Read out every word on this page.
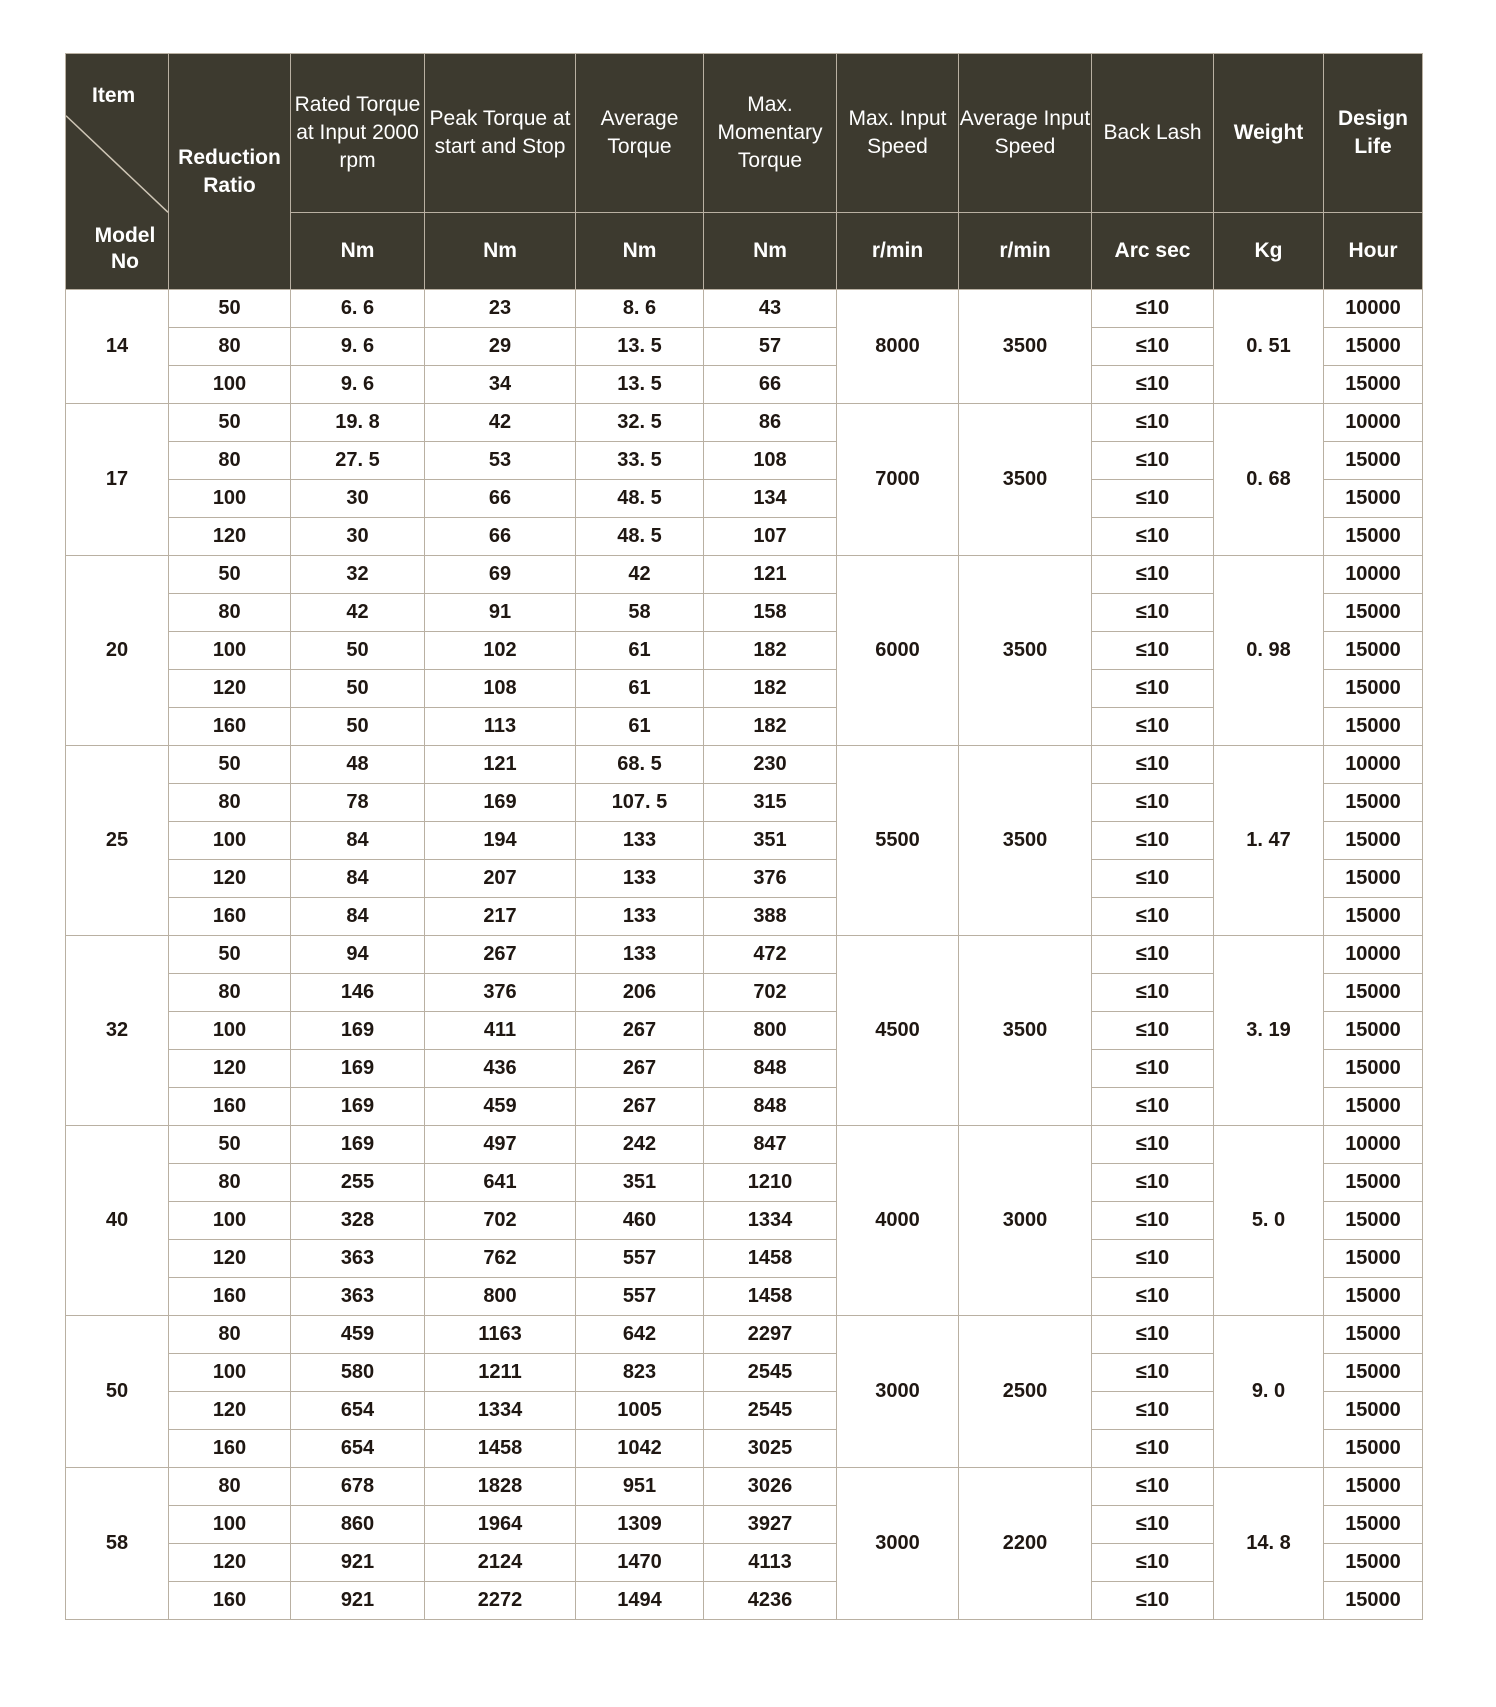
Item
Model No	Reduction Ratio	Rated Torque at Input 2000 rpm	Peak Torque at start and Stop	Average Torque	Max. Momentary Torque	Max. Input Speed	Average Input Speed	Back Lash	Weight	Design Life
		Nm	Nm	Nm	Nm	r/min	r/min	Arc sec	Kg	Hour
14	50	6. 6	23	8. 6	43	8000	3500	≤10	0. 51	10000
	80	9. 6	29	13. 5	57			≤10		15000
	100	9. 6	34	13. 5	66			≤10		15000
17	50	19. 8	42	32. 5	86	7000	3500	≤10	0. 68	10000
	80	27. 5	53	33. 5	108			≤10		15000
	100	30	66	48. 5	134			≤10		15000
	120	30	66	48. 5	107			≤10		15000
20	50	32	69	42	121	6000	3500	≤10	0. 98	10000
	80	42	91	58	158			≤10		15000
	100	50	102	61	182			≤10		15000
	120	50	108	61	182			≤10		15000
	160	50	113	61	182			≤10		15000
25	50	48	121	68. 5	230	5500	3500	≤10	1. 47	10000
	80	78	169	107. 5	315			≤10		15000
	100	84	194	133	351			≤10		15000
	120	84	207	133	376			≤10		15000
	160	84	217	133	388			≤10		15000
32	50	94	267	133	472	4500	3500	≤10	3. 19	10000
	80	146	376	206	702			≤10		15000
	100	169	411	267	800			≤10		15000
	120	169	436	267	848			≤10		15000
	160	169	459	267	848			≤10		15000
40	50	169	497	242	847	4000	3000	≤10	5. 0	10000
	80	255	641	351	1210			≤10		15000
	100	328	702	460	1334			≤10		15000
	120	363	762	557	1458			≤10		15000
	160	363	800	557	1458			≤10		15000
50	80	459	1163	642	2297	3000	2500	≤10	9. 0	15000
	100	580	1211	823	2545			≤10		15000
	120	654	1334	1005	2545			≤10		15000
	160	654	1458	1042	3025			≤10		15000
58	80	678	1828	951	3026	3000	2200	≤10	14. 8	15000
	100	860	1964	1309	3927			≤10		15000
	120	921	2124	1470	4113			≤10		15000
	160	921	2272	1494	4236			≤10		15000
